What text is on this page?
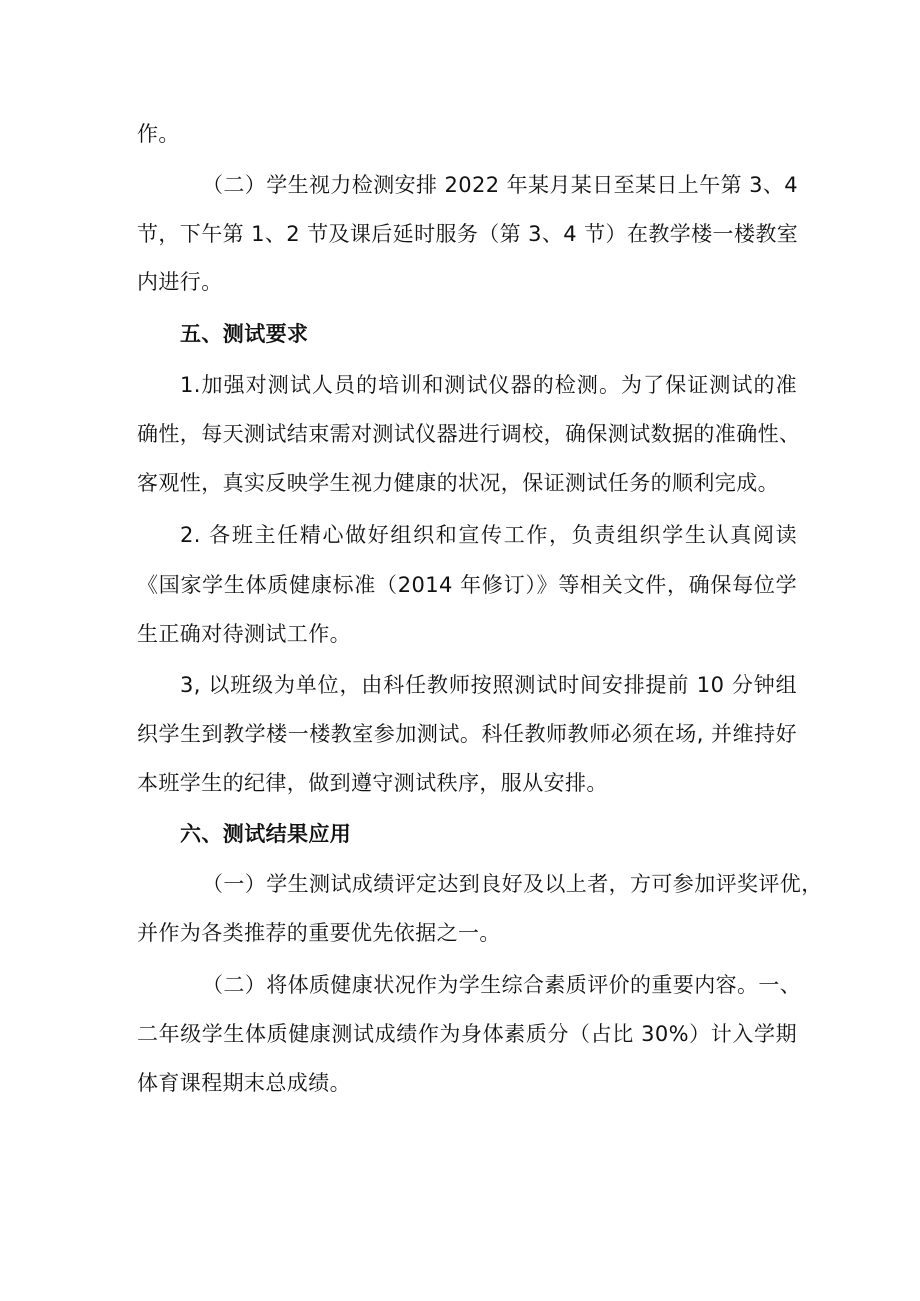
作。
（二）学生视力检测安排 2022 年某月某日至某日上午第 3、4
节，下午第 1、2 节及课后延时服务（第 3、4 节）在教学楼一楼教室
内进行。
五、测试要求
1.加强对测试人员的培训和测试仪器的检测。为了保证测试的准
确性，每天测试结束需对测试仪器进行调校，确保测试数据的准确性、
客观性，真实反映学生视力健康的状况，保证测试任务的顺利完成。
2. 各班主任精心做好组织和宣传工作，负责组织学生认真阅读
《国家学生体质健康标准（2014 年修订）》等相关文件，确保每位学
生正确对待测试工作。
3, 以班级为单位，由科任教师按照测试时间安排提前 10 分钟组
织学生到教学楼一楼教室参加测试。科任教师教师必须在场, 并维持好
本班学生的纪律，做到遵守测试秩序，服从安排。
六、测试结果应用
（一）学生测试成绩评定达到良好及以上者，方可参加评奖评优，
并作为各类推荐的重要优先依据之一。
（二）将体质健康状况作为学生综合素质评价的重要内容。一、
二年级学生体质健康测试成绩作为身体素质分（占比 30%）计入学期
体育课程期末总成绩。
